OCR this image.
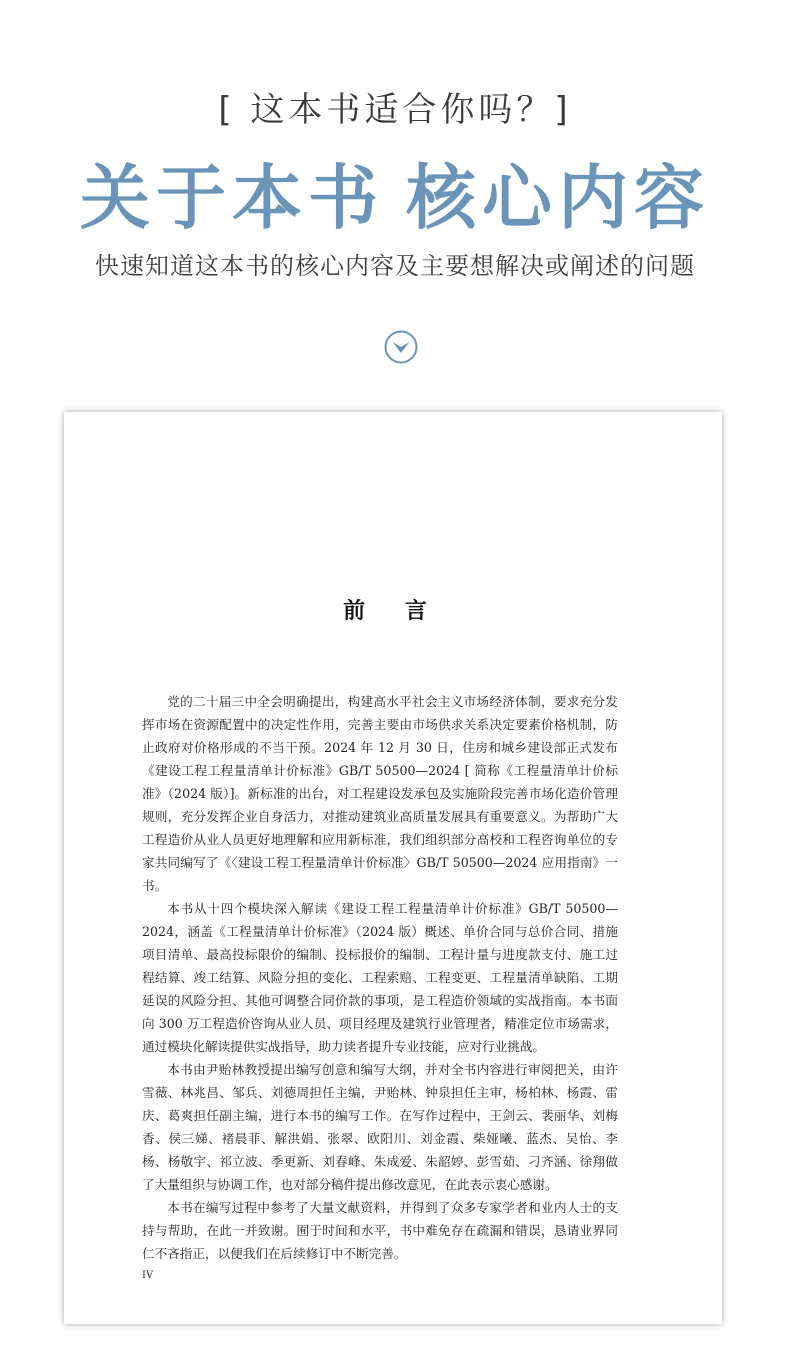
[ 这本书适合你吗？]
关于本书 核心内容
快速知道这本书的核心内容及主要想解决或阐述的问题
前 言

党的二十届三中全会明确提出，构建高水平社会主义市场经济体制，要求充分发挥市场在资源配置中的决定性作用，完善主要由市场供求关系决定要素价格机制，防止政府对价格形成的不当干预。2024 年 12 月 30 日，住房和城乡建设部正式发布《建设工程工程量清单计价标准》GB/T 50500—2024 [ 简称《工程量清单计价标准》（2024 版）]。新标准的出台，对工程建设发承包及实施阶段完善市场化造价管理规则，充分发挥企业自身活力，对推动建筑业高质量发展具有重要意义。为帮助广大工程造价从业人员更好地理解和应用新标准，我们组织部分高校和工程咨询单位的专家共同编写了《〈建设工程工程量清单计价标准〉GB/T 50500—2024 应用指南》一书。

本书从十四个模块深入解读《建设工程工程量清单计价标准》GB/T 50500—2024，涵盖《工程量清单计价标准》（2024 版）概述、单价合同与总价合同、措施项目清单、最高投标限价的编制、投标报价的编制、工程计量与进度款支付、施工过程结算、竣工结算、风险分担的变化、工程索赔、工程变更、工程量清单缺陷、工期延误的风险分担、其他可调整合同价款的事项，是工程造价领域的实战指南。本书面向 300 万工程造价咨询从业人员、项目经理及建筑行业管理者，精准定位市场需求，通过模块化解读提供实战指导，助力读者提升专业技能，应对行业挑战。

本书由尹贻林教授提出编写创意和编写大纲，并对全书内容进行审阅把关，由许雪薇、林兆昌、邹兵、刘德周担任主编，尹贻林、钟泉担任主审，杨柏林、杨霞、雷庆、葛爽担任副主编，进行本书的编写工作。在写作过程中，王剑云、裴丽华、刘梅香、侯三娣、褚晨菲、解洪娟、张翠、欧阳川、刘金霞、柴娅曦、蓝杰、吴怡、李杨、杨敬宇、祁立波、季更新、刘春峰、朱成爱、朱韶婷、彭雪茹、刁齐涵、徐翔做了大量组织与协调工作，也对部分稿件提出修改意见，在此表示衷心感谢。

本书在编写过程中参考了大量文献资料，并得到了众多专家学者和业内人士的支持与帮助，在此一并致谢。囿于时间和水平，书中难免存在疏漏和错误，恳请业界同仁不吝指正，以便我们在后续修订中不断完善。

IV
